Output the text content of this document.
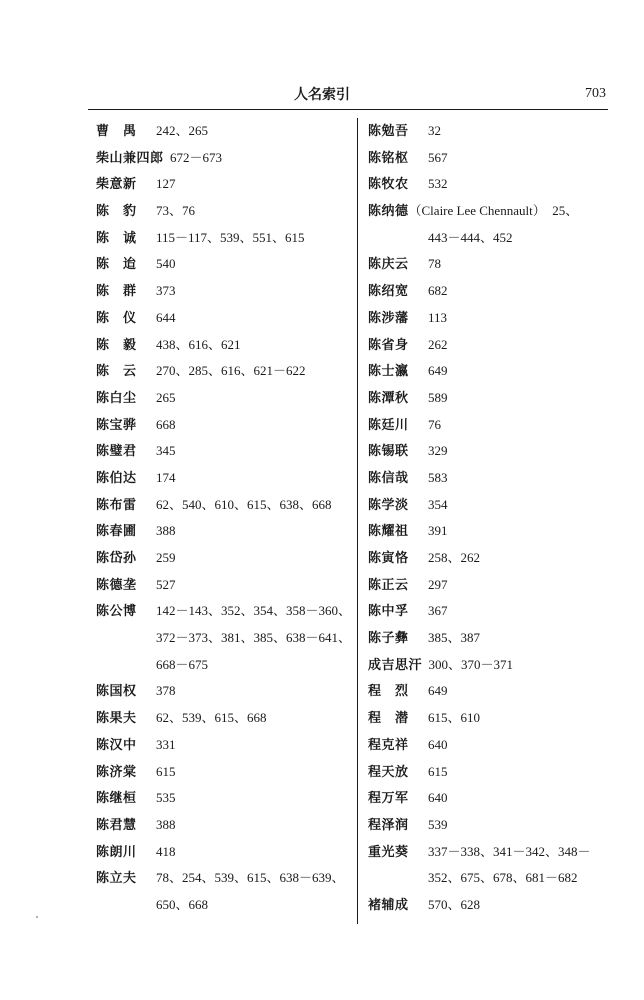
人名索引	703
曹禺 242、265
柴山兼四郎  672－673
柴意新 127
陈豹 73、76
陈诚 115－117、539、551、615
陈迨 540
陈群 373
陈仪 644
陈毅 438、616、621
陈云 270、285、616、621－622
陈白尘 265
陈宝骅 668
陈璧君 345
陈伯达 174
陈布雷 62、540、610、615、638、668
陈春圃 388
陈岱孙 259
陈德垄 527
陈公博 142－143、352、354、358－360、
372－373、381、385、638－641、
668－675
陈国权 378
陈果夫 62、539、615、668
陈汉中 331
陈济棠 615
陈继桓 535
陈君慧 388
陈朗川 418
陈立夫 78、254、539、615、638－639、
650、668
陈勉吾 32
陈铭枢 567
陈牧农 532
陈纳德（Claire Lee Chennault）　25、
443－444、452
陈庆云 78
陈绍宽 682
陈涉藩 113
陈省身 262
陈士瀛 649
陈潭秋 589
陈廷川 76
陈锡联 329
陈信哉 583
陈学淡 354
陈耀祖 391
陈寅恪 258、262
陈正云 297
陈中孚 367
陈子彝 385、387
成吉思汗  300、370－371
程烈 649
程潜 615、610
程克祥 640
程天放 615
程万军 640
程泽润 539
重光葵 337－338、341－342、348－
352、675、678、681－682
褚辅成 570、628
